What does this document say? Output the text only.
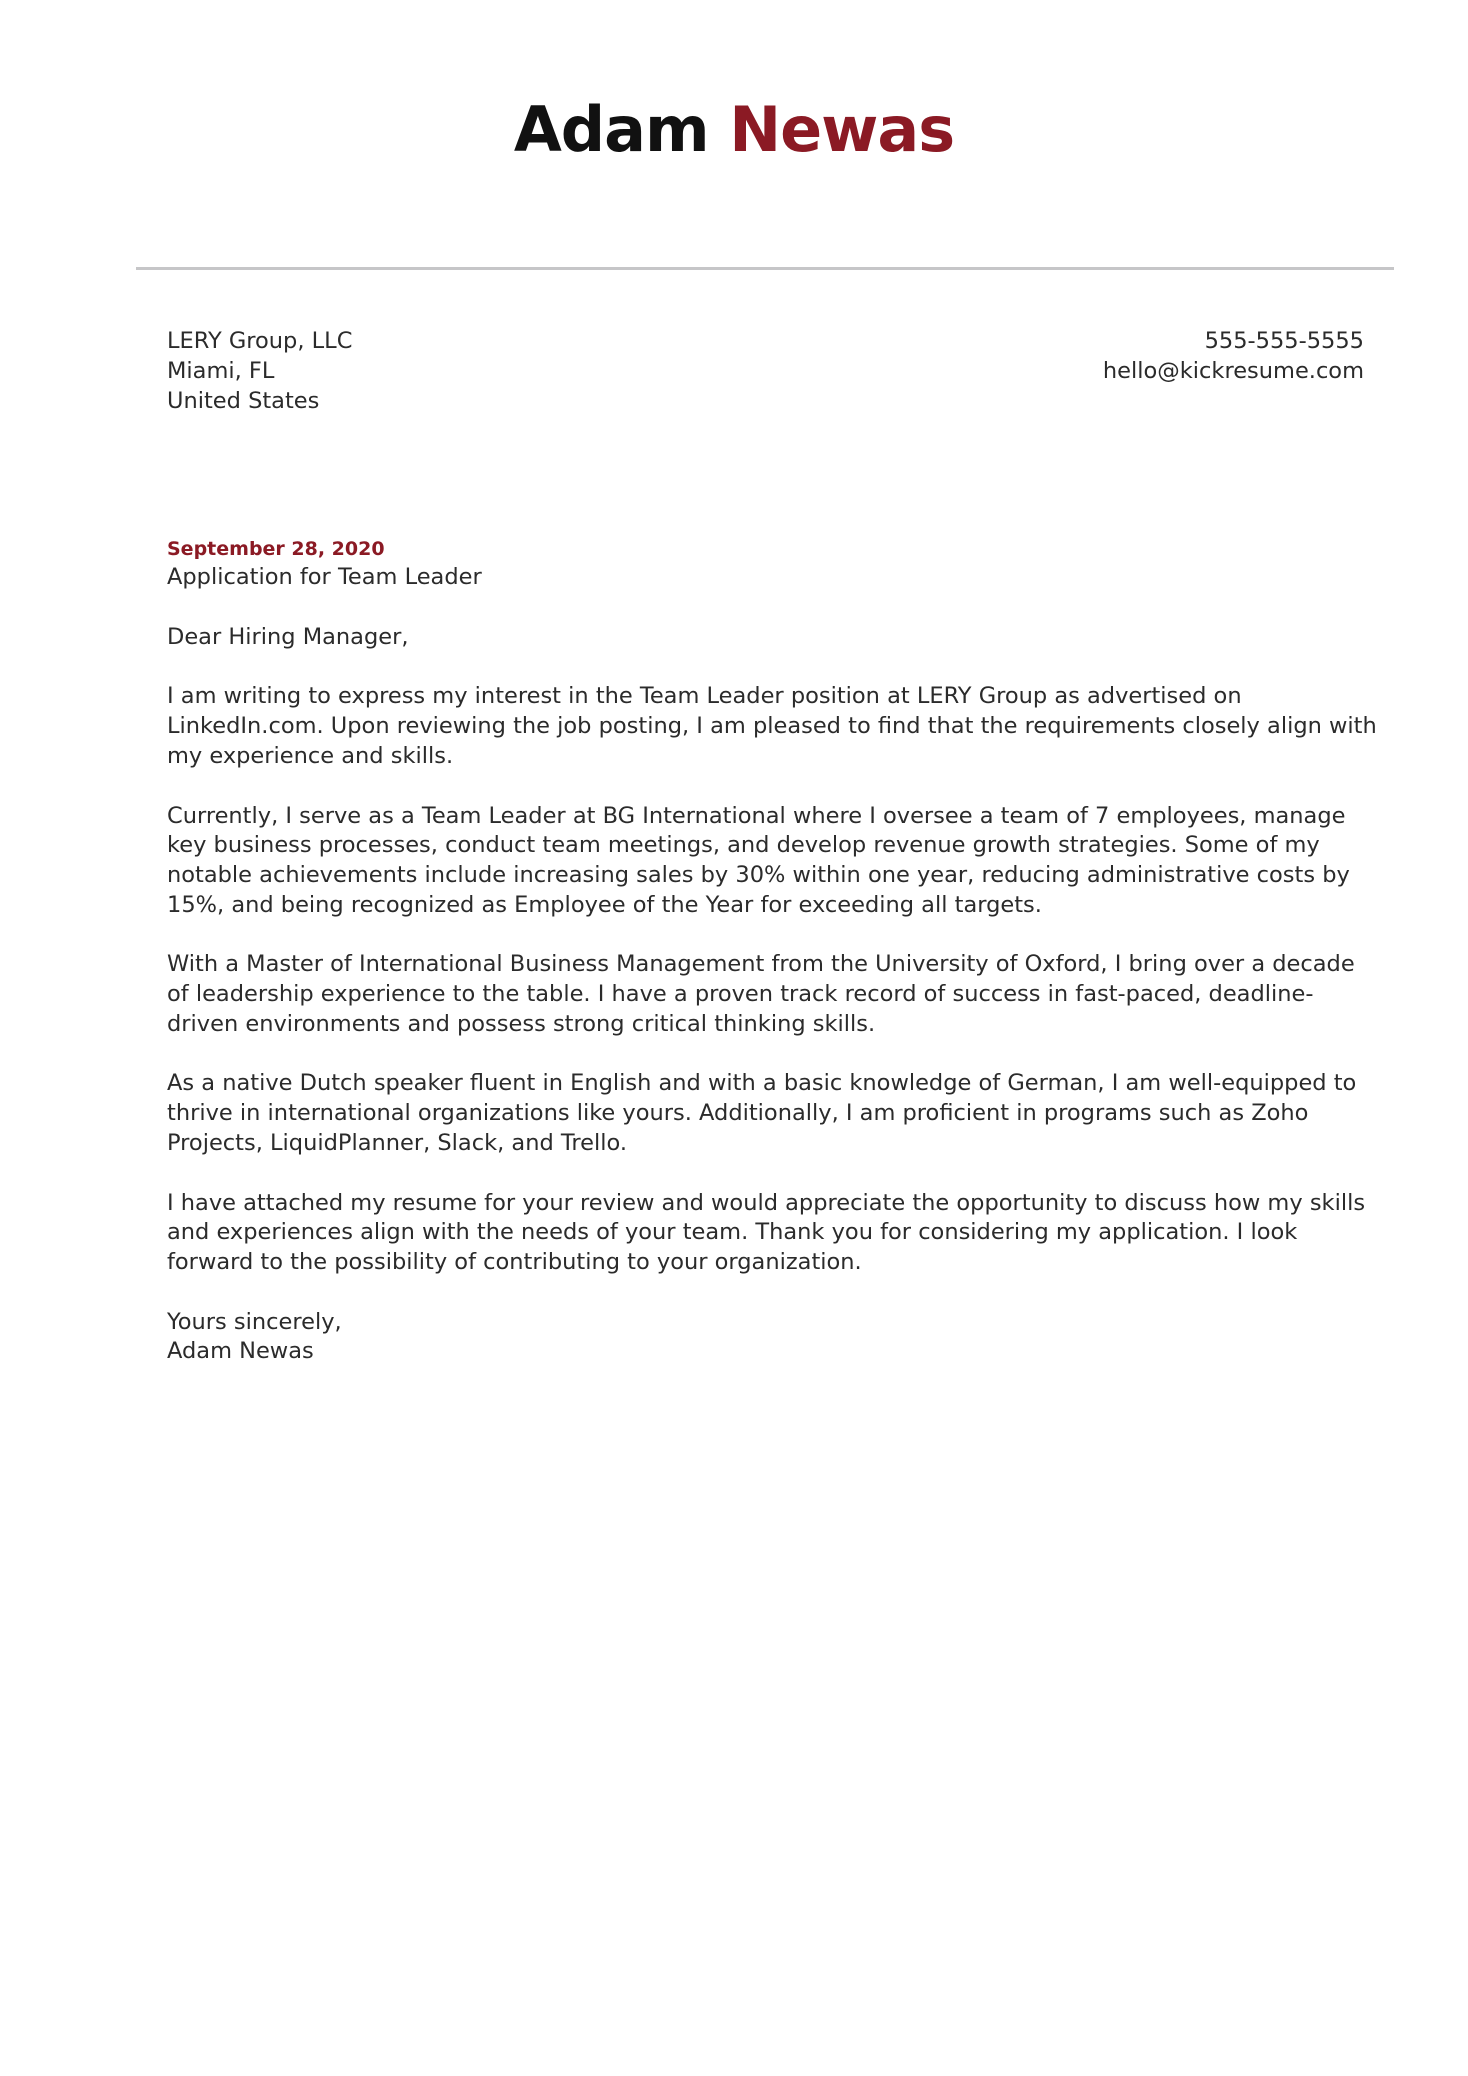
Adam Newas
LERY Group, LLC
Miami, FL
United States
555-555-5555
hello@kickresume.com
September 28, 2020

Application for Team Leader

Dear Hiring Manager,

I am writing to express my interest in the Team Leader position at LERY Group as advertised on LinkedIn.com. Upon reviewing the job posting, I am pleased to find that the requirements closely align with my experience and skills.

Currently, I serve as a Team Leader at BG International where I oversee a team of 7 employees, manage key business processes, conduct team meetings, and develop revenue growth strategies. Some of my notable achievements include increasing sales by 30% within one year, reducing administrative costs by 15%, and being recognized as Employee of the Year for exceeding all targets.

With a Master of International Business Management from the University of Oxford, I bring over a decade of leadership experience to the table. I have a proven track record of success in fast-paced, deadline-driven environments and possess strong critical thinking skills.

As a native Dutch speaker fluent in English and with a basic knowledge of German, I am well-equipped to thrive in international organizations like yours. Additionally, I am proficient in programs such as Zoho Projects, LiquidPlanner, Slack, and Trello.

I have attached my resume for your review and would appreciate the opportunity to discuss how my skills and experiences align with the needs of your team. Thank you for considering my application. I look forward to the possibility of contributing to your organization.

Yours sincerely,
Adam Newas
